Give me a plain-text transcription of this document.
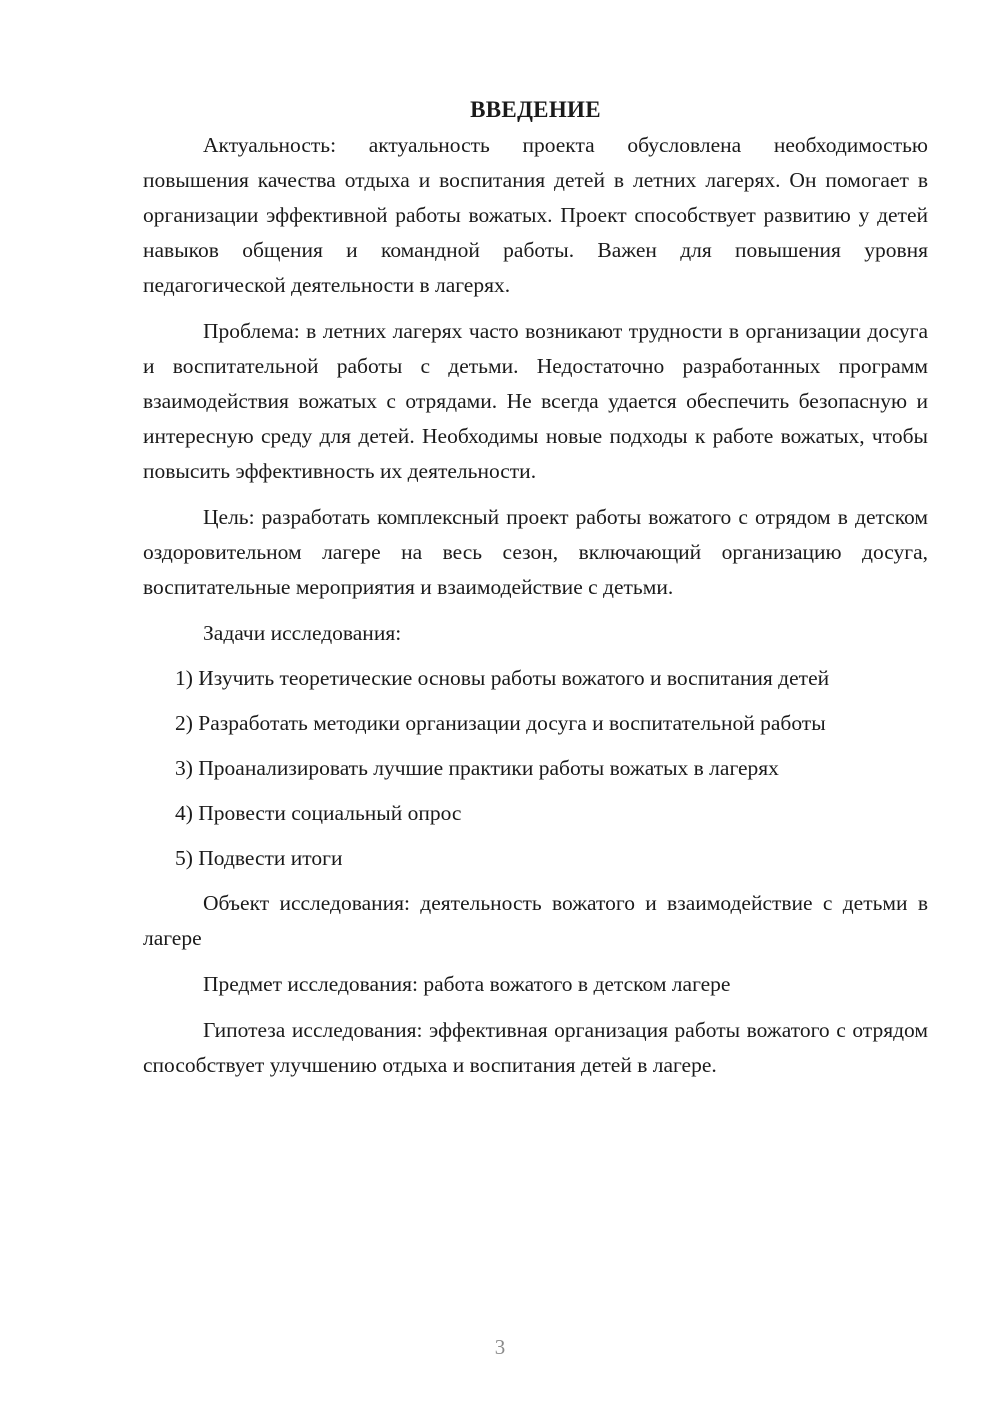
ВВЕДЕНИЕ

Актуальность: актуальность проекта обусловлена необходимостью повышения качества отдыха и воспитания детей в летних лагерях. Он помогает в организации эффективной работы вожатых. Проект способствует развитию у детей навыков общения и командной работы. Важен для повышения уровня педагогической деятельности в лагерях.

Проблема: в летних лагерях часто возникают трудности в организации досуга и воспитательной работы с детьми. Недостаточно разработанных программ взаимодействия вожатых с отрядами. Не всегда удается обеспечить безопасную и интересную среду для детей. Необходимы новые подходы к работе вожатых, чтобы повысить эффективность их деятельности.

Цель: разработать комплексный проект работы вожатого с отрядом в детском оздоровительном лагере на весь сезон, включающий организацию досуга, воспитательные мероприятия и взаимодействие с детьми.

Задачи исследования:

1) Изучить теоретические основы работы вожатого и воспитания детей

2) Разработать методики организации досуга и воспитательной работы

3) Проанализировать лучшие практики работы вожатых в лагерях

4) Провести социальный опрос

5) Подвести итоги

Объект исследования: деятельность вожатого и взаимодействие с детьми в лагере

Предмет исследования: работа вожатого в детском лагере

Гипотеза исследования: эффективная организация работы вожатого с отрядом способствует улучшению отдыха и воспитания детей в лагере.

3
